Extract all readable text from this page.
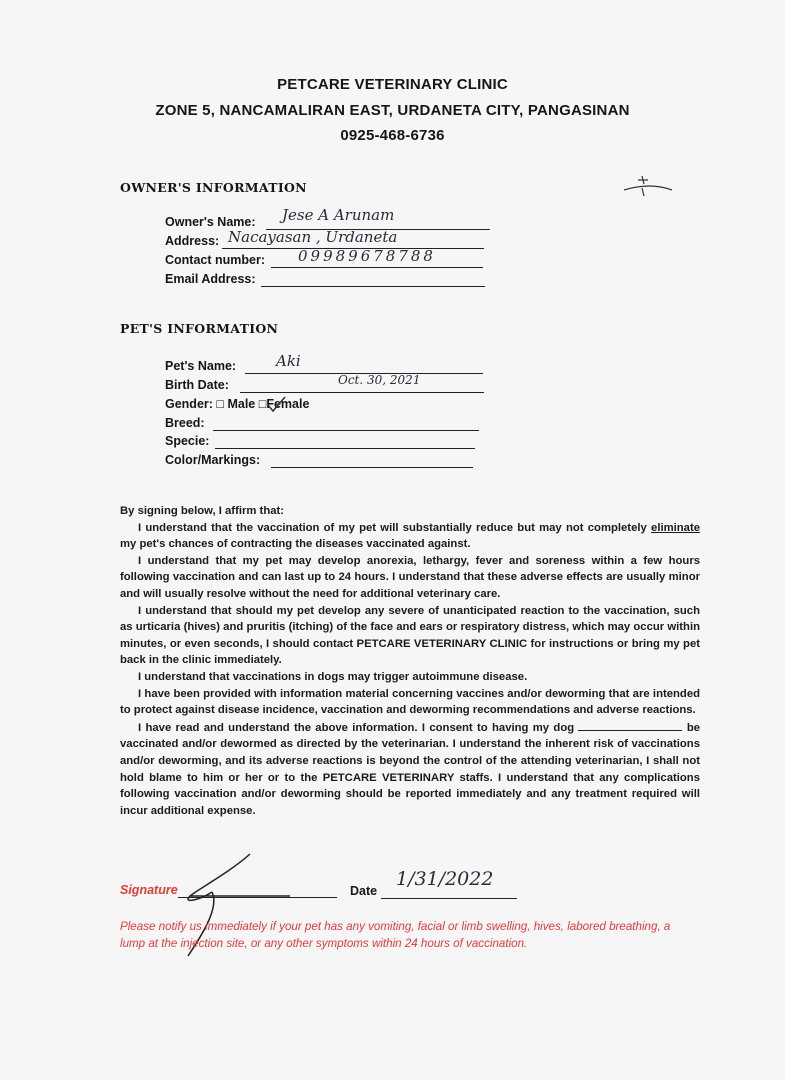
PETCARE VETERINARY CLINIC
ZONE 5, NANCAMALIRAN EAST, URDANETA CITY, PANGASINAN
0925-468-6736
OWNER'S INFORMATION
Owner's Name: Jese A Arunam
Address: Nacayasan , Urdaneta
Contact number: 09989678788
Email Address:
PET'S INFORMATION
Pet's Name:	Aki
Birth Date:	Oct. 30, 2021
Gender: □ Male □Female
Breed:
Specie:
Color/Markings:

By signing below, I affirm that:

I understand that the vaccination of my pet will substantially reduce but may not completely eliminate my pet's chances of contracting the diseases vaccinated against.

I understand that my pet may develop anorexia, lethargy, fever and soreness within a few hours following vaccination and can last up to 24 hours. I understand that these adverse effects are usually minor and will usually resolve without the need for additional veterinary care.

I understand that should my pet develop any severe of unanticipated reaction to the vaccination, such as urticaria (hives) and pruritis (itching) of the face and ears or respiratory distress, which may occur within minutes, or even seconds, I should contact PETCARE VETERINARY CLINIC for instructions or bring my pet back in the clinic immediately.

I understand that vaccinations in dogs may trigger autoimmune disease.

I have been provided with information material concerning vaccines and/or deworming that are intended to protect against disease incidence, vaccination and deworming recommendations and adverse reactions.

I have read and understand the above information. I consent to having my dog	be vaccinated and/or dewormed as directed by the veterinarian. I understand the inherent risk of vaccinations and/or deworming, and its adverse reactions is beyond the control of the attending veterinarian, I shall not hold blame to him or her or to the PETCARE VETERINARY staffs. I understand that any complications following vaccination and/or deworming should be reported immediately and any treatment required will incur additional expense.

Signature	Date
1/31/2022
Please notify us immediately if your pet has any vomiting, facial or limb swelling, hives, labored breathing, a lump at the injection site, or any other symptoms within 24 hours of vaccination.
